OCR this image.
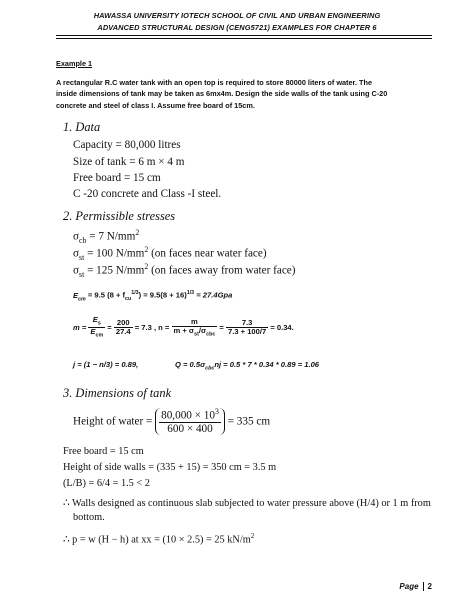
HAWASSA UNIVERSITY IOTECH SCHOOL OF CIVIL AND URBAN ENGINEERING
ADVANCED STRUCTURAL DESIGN (CENG5721) EXAMPLES FOR CHAPTER 6
Example 1
A rectangular R.C water tank with an open top is required to store 80000 liters of water. The
inside dimensions of tank may be taken as 6mx4m. Design the side walls of the tank using C-20
concrete and steel of class I. Assume free board of 15cm.
1. Data
Capacity = 80,000 litres
Size of tank = 6 m × 4 m
Free board = 15 cm
C -20 concrete and Class -I steel.
2. Permissible stresses
$\sigma_{cb} = 7$ $N/mm^2$
$\sigma_{st} = 100$ $N/mm^2$ (on faces near water face)
$\sigma_{st} = 125$ $N/mm^2$ (on faces away from water face)
$E_{cm} = 9.5$ $(8 + f_{cu}^{1/3}) = 9.5(8 + 16)^{1/3} = 27.4Gpa$
$m = \frac{E_s}{E_{cm}} = \frac{200}{27.4} = 7.3$ , $n = \frac{m}{m + \sigma_{st}/\sigma_{cbc}} = \frac{7.3}{7.3 + 100/7} = 0.34$.
j = (1 − n/3) = 0.89,	$Q = 0.5\sigma_{cbc}nj = 0.5 * 7 * 0.34 * 0.89 = 1.06$
3. Dimensions of tank
Height of water = $\frac{80,000 \times 10^3}{600 \times 400} = 335$ cm
Free board = 15 cm
Height of side walls = (335 + 15) = 350 cm = 3.5 m
(L/B) = 6/4 = 1.5 < 2
∴ Walls designed as continuous slab subjected to water pressure above (H/4) or 1 m from
bottom.
∴ p = w (H − h) at xx = (10 × 2.5) = 25 $kN/m^2$
Page 2
